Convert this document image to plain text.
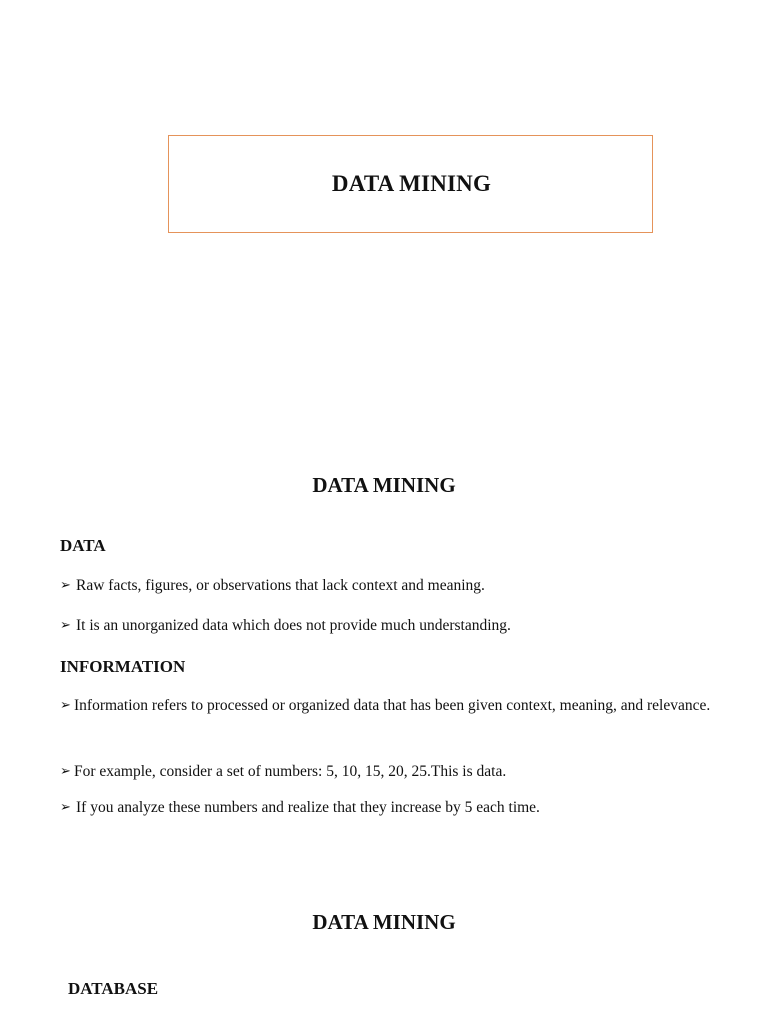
DATA MINING
DATA MINING
DATA
➢ Raw facts, figures, or observations that lack context and meaning.
➢ It is an unorganized data which does not provide much understanding.
INFORMATION
➢ Information refers to processed or organized data that has been given context, meaning, and relevance.
➢ For example, consider a set of numbers: 5, 10, 15, 20, 25.This is data.
➢ If you analyze these numbers and realize that they increase by 5 each time.
DATA MINING
DATABASE
